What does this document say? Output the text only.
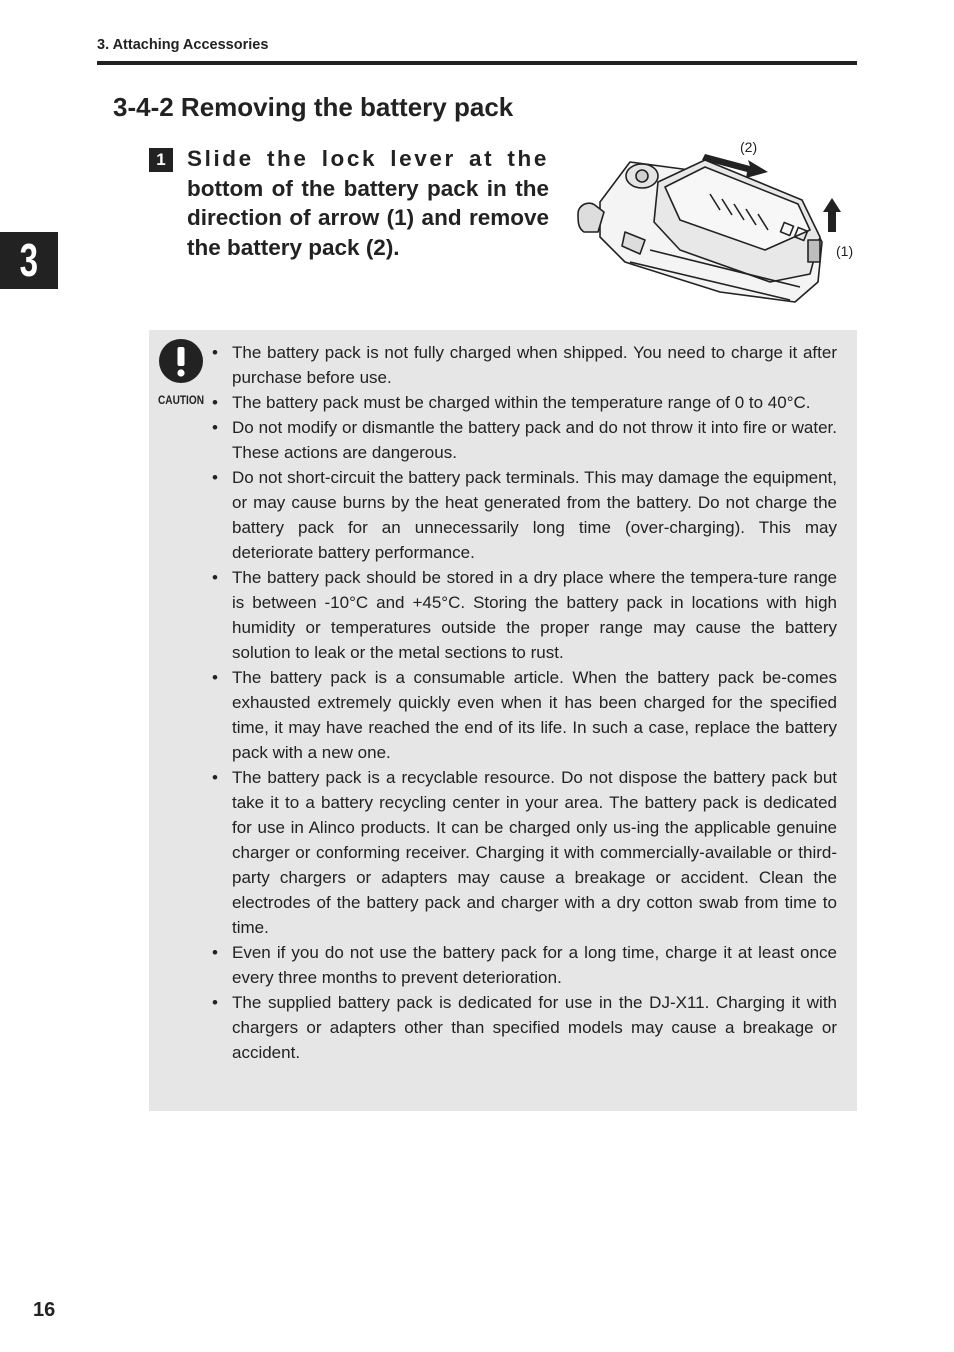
3. Attaching Accessories
3
3-4-2 Removing the battery pack
1 Slide the lock lever at the bottom of the battery pack in the direction of arrow (1) and remove the battery pack (2).

(2)
(1)
CAUTION
• The battery pack is not fully charged when shipped. You need to charge it after purchase before use.
• The battery pack must be charged within the temperature range of 0 to 40°C.
• Do not modify or dismantle the battery pack and do not throw it into fire or water. These actions are dangerous.
• Do not short-circuit the battery pack terminals. This may damage the equipment, or may cause burns by the heat generated from the battery. Do not charge the battery pack for an unnecessarily long time (over-charging). This may deteriorate battery performance.
• The battery pack should be stored in a dry place where the tempera-ture range is between -10°C and +45°C. Storing the battery pack in locations with high humidity or temperatures outside the proper range may cause the battery solution to leak or the metal sections to rust.
• The battery pack is a consumable article. When the battery pack be-comes exhausted extremely quickly even when it has been charged for the specified time, it may have reached the end of its life. In such a case, replace the battery pack with a new one.
• The battery pack is a recyclable resource. Do not dispose the battery pack but take it to a battery recycling center in your area. The battery pack is dedicated for use in Alinco products. It can be charged only us-ing the applicable genuine charger or conforming receiver. Charging it with commercially-available or third-party chargers or adapters may cause a breakage or accident. Clean the electrodes of the battery pack and charger with a dry cotton swab from time to time.
• Even if you do not use the battery pack for a long time, charge it at least once every three months to prevent deterioration.
• The supplied battery pack is dedicated for use in the DJ-X11. Charging it with chargers or adapters other than specified models may cause a breakage or accident.
16
